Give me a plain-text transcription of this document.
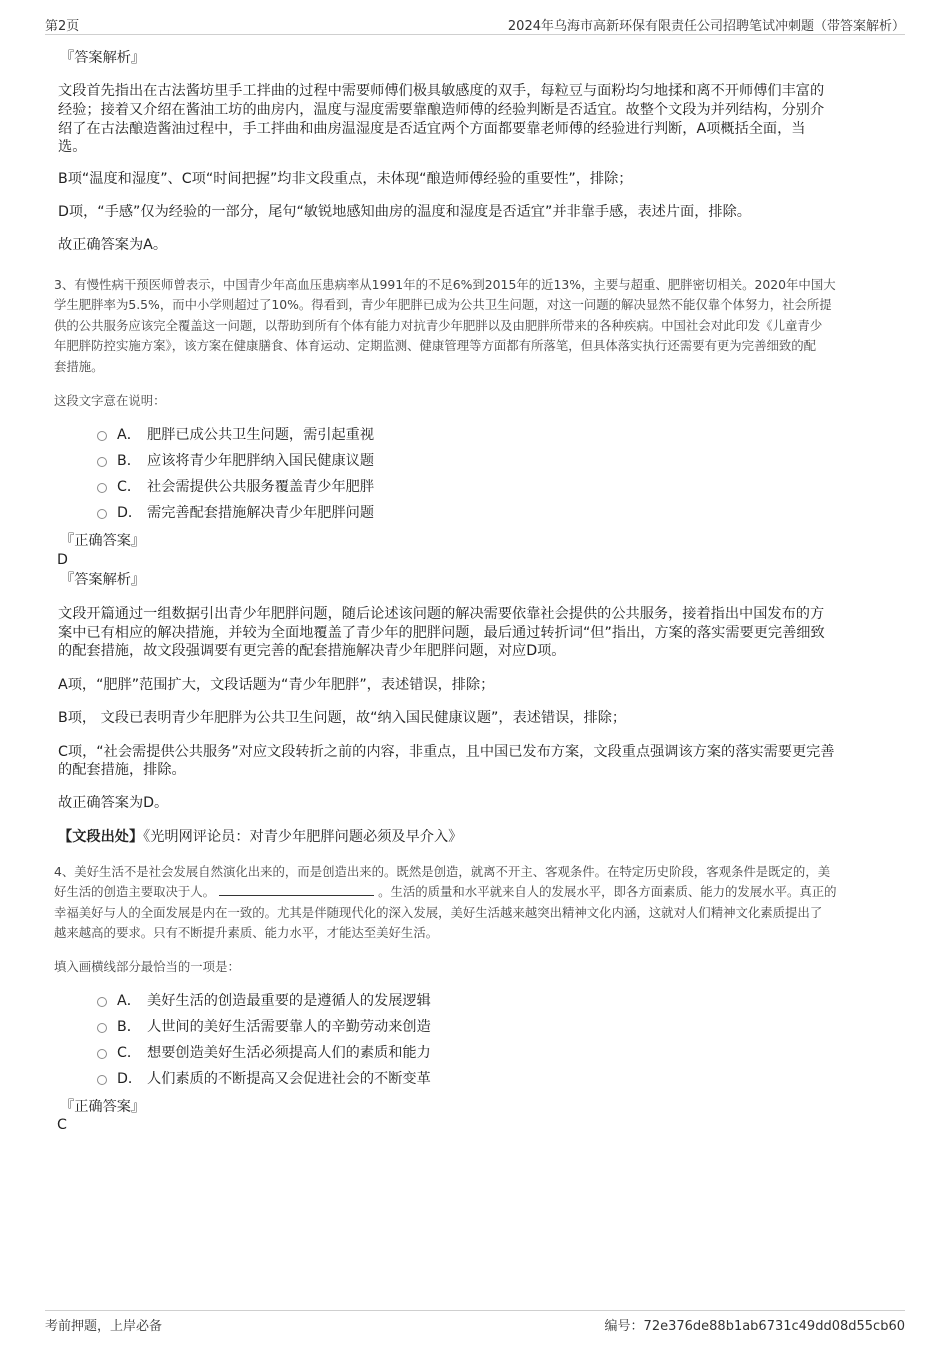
第2页	2024年乌海市高新环保有限责任公司招聘笔试冲刺题（带答案解析）

『答案解析』

文段首先指出在古法酱坊里手工拌曲的过程中需要师傅们极具敏感度的双手，每粒豆与面粉均匀地揉和离不开师傅们丰富的

经验；接着又介绍在酱油工坊的曲房内，温度与湿度需要靠酿造师傅的经验判断是否适宜。故整个文段为并列结构，分别介

绍了在古法酿造酱油过程中，手工拌曲和曲房温湿度是否适宜两个方面都要靠老师傅的经验进行判断，A项概括全面，当

选。

B项“温度和湿度”、C项“时间把握”均非文段重点，未体现“酿造师傅经验的重要性”，排除；

D项，“手感”仅为经验的一部分，尾句“敏锐地感知曲房的温度和湿度是否适宜”并非靠手感，表述片面，排除。

故正确答案为A。

3、有慢性病干预医师曾表示，中国青少年高血压患病率从1991年的不足6%到2015年的近13%，主要与超重、肥胖密切相关。2020年中国大

学生肥胖率为5.5%，而中小学则超过了10%。得看到，青少年肥胖已成为公共卫生问题，对这一问题的解决显然不能仅靠个体努力，社会所提

供的公共服务应该完全覆盖这一问题，以帮助到所有个体有能力对抗青少年肥胖以及由肥胖所带来的各种疾病。中国社会对此印发《儿童青少

年肥胖防控实施方案》，该方案在健康膳食、体育运动、定期监测、健康管理等方面都有所落笔，但具体落实执行还需要有更为完善细致的配

套措施。

这段文字意在说明：

A． 肥胖已成公共卫生问题，需引起重视
B． 应该将青少年肥胖纳入国民健康议题
C． 社会需提供公共服务覆盖青少年肥胖
D． 需完善配套措施解决青少年肥胖问题

『正确答案』

D

『答案解析』

文段开篇通过一组数据引出青少年肥胖问题，随后论述该问题的解决需要依靠社会提供的公共服务，接着指出中国发布的方

案中已有相应的解决措施，并较为全面地覆盖了青少年的肥胖问题，最后通过转折词“但”指出，方案的落实需要更完善细致

的配套措施，故文段强调要有更完善的配套措施解决青少年肥胖问题，对应D项。

A项，“肥胖”范围扩大，文段话题为“青少年肥胖”，表述错误，排除；

B项， 文段已表明青少年肥胖为公共卫生问题，故“纳入国民健康议题”，表述错误，排除；

C项，“社会需提供公共服务”对应文段转折之前的内容，非重点，且中国已发布方案，文段重点强调该方案的落实需要更完善

的配套措施，排除。

故正确答案为D。

【文段出处】《光明网评论员：对青少年肥胖问题必须及早介入》

4、美好生活不是社会发展自然演化出来的，而是创造出来的。既然是创造，就离不开主、客观条件。在特定历史阶段，客观条件是既定的，美

好生活的创造主要取决于人。	。生活的质量和水平就来自人的发展水平，即各方面素质、能力的发展水平。真正的

幸福美好与人的全面发展是内在一致的。尤其是伴随现代化的深入发展，美好生活越来越突出精神文化内涵，这就对人们精神文化素质提出了

越来越高的要求。只有不断提升素质、能力水平，才能达至美好生活。

填入画横线部分最恰当的一项是：

A． 美好生活的创造最重要的是遵循人的发展逻辑
B． 人世间的美好生活需要靠人的辛勤劳动来创造
C． 想要创造美好生活必须提高人们的素质和能力
D． 人们素质的不断提高又会促进社会的不断变革

『正确答案』

C

考前押题，上岸必备	编号：72e376de88b1ab6731c49dd08d55cb60
